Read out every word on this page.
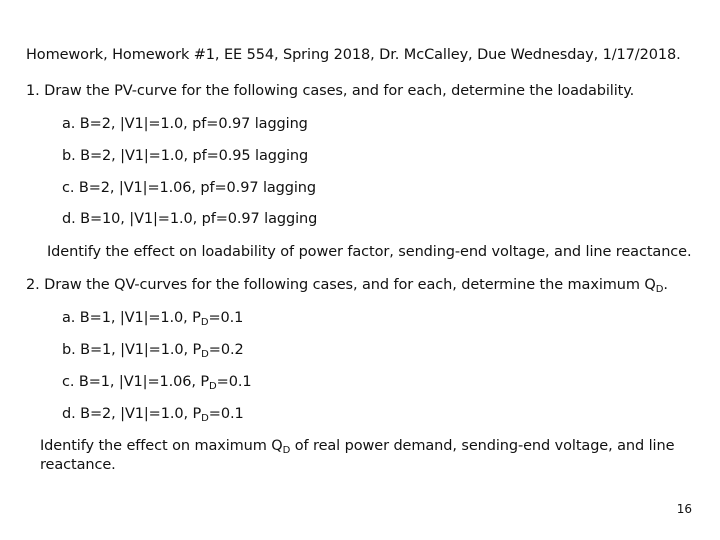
Homework, Homework #1, EE 554, Spring 2018, Dr. McCalley, Due Wednesday, 1/17/2018.
1. Draw the PV-curve for the following cases, and for each, determine the loadability.
a. B=2, |V1|=1.0, pf=0.97 lagging
b. B=2, |V1|=1.0, pf=0.95 lagging
c. B=2, |V1|=1.06, pf=0.97 lagging
d. B=10, |V1|=1.0, pf=0.97 lagging
Identify the effect on loadability of power factor, sending-end voltage, and line reactance.
2. Draw the QV-curves for the following cases, and for each, determine the maximum $Q_D$.
a. B=1, |V1|=1.0, $P_D=0.1$
b. B=1, |V1|=1.0, $P_D=0.2$
c. B=1, |V1|=1.06, $P_D=0.1$
d. B=2, |V1|=1.0, $P_D=0.1$
Identify the effect on maximum $Q_D$ of real power demand, sending-end voltage, and line reactance.
16
